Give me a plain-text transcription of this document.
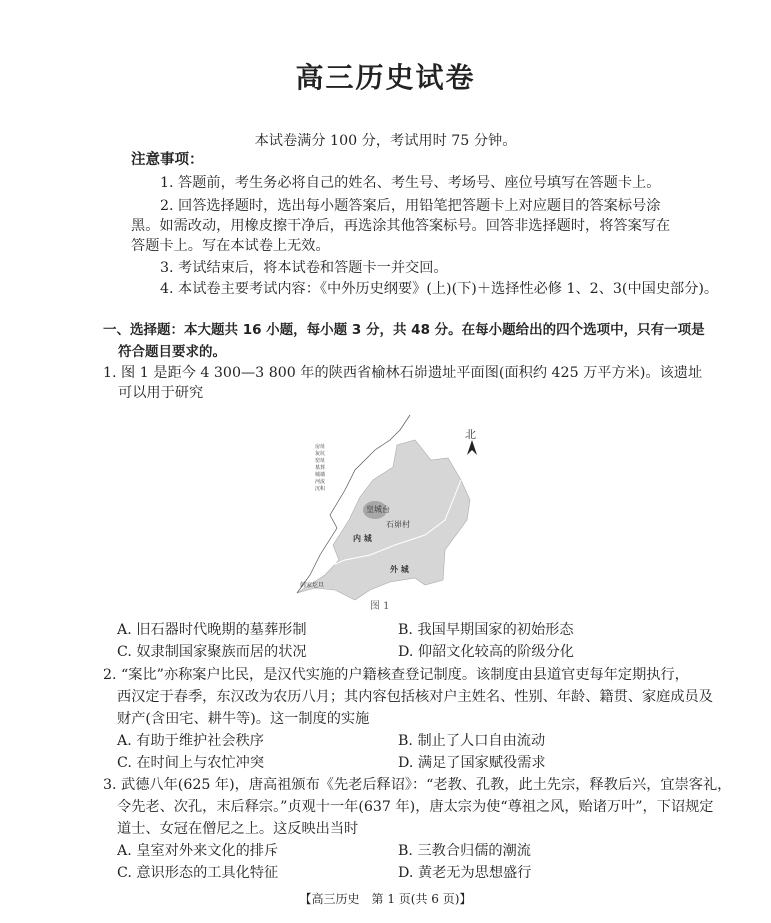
高三历史试卷
本试卷满分 100 分，考试用时 75 分钟。
注意事项：
1. 答题前，考生务必将自己的姓名、考生号、考场号、座位号填写在答题卡上。
2. 回答选择题时，选出每小题答案后，用铅笔把答题卡上对应题目的答案标号涂
黑。如需改动，用橡皮擦干净后，再选涂其他答案标号。回答非选择题时，将答案写在
答题卡上。写在本试卷上无效。
3. 考试结束后，将本试卷和答题卡一并交回。
4. 本试卷主要考试内容：《中外历史纲要》(上)(下)＋选择性必修 1、2、3(中国史部分)。
一、选择题：本大题共 16 小题，每小题 3 分，共 48 分。在每小题给出的四个选项中，只有一项是
符合题目要求的。
1. 图 1 是距今 4 300—3 800 年的陕西省榆林石峁遗址平面图(面积约 425 万平方米)。该遗址
可以用于研究
皇城台
石峁村
内 城
外 城
韩家圪旦
北
房址
灰坑
窑址
墓葬
城墙
河流
沉积
图 1
A. 旧石器时代晚期的墓葬形制	B. 我国早期国家的初始形态
C. 奴隶制国家聚族而居的状况	D. 仰韶文化较高的阶级分化
2. “案比”亦称案户比民，是汉代实施的户籍核查登记制度。该制度由县道官吏每年定期执行，
西汉定于春季，东汉改为农历八月；其内容包括核对户主姓名、性别、年龄、籍贯、家庭成员及
财产(含田宅、耕牛等)。这一制度的实施
A. 有助于维护社会秩序	B. 制止了人口自由流动
C. 在时间上与农忙冲突	D. 满足了国家赋役需求
3. 武德八年(625 年)，唐高祖颁布《先老后释诏》：“老教、孔教，此土先宗，释教后兴，宜崇客礼，
令先老、次孔，末后释宗。”贞观十一年(637 年)，唐太宗为使“尊祖之风，贻诸万叶”，下诏规定
道士、女冠在僧尼之上。这反映出当时
A. 皇室对外来文化的排斥	B. 三教合归儒的潮流
C. 意识形态的工具化特征	D. 黄老无为思想盛行
【高三历史　第 1 页(共 6 页)】
